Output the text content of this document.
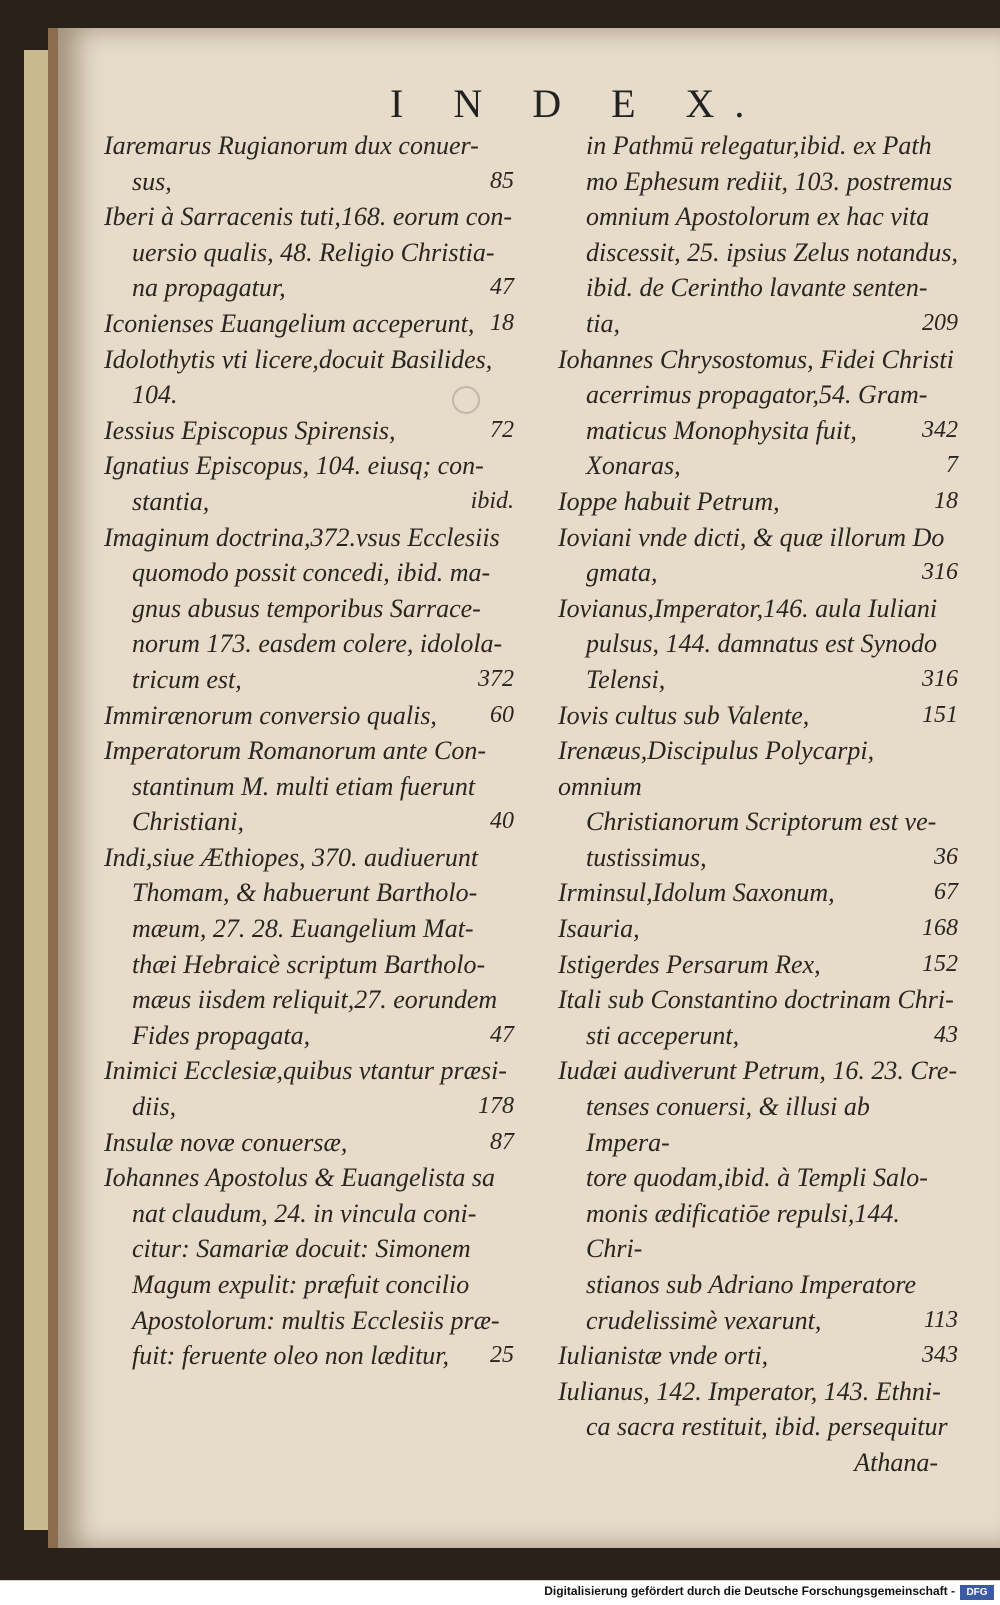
I N D E X.
Iaremarus Rugianorum dux conuer-
sus,	85
Iberi à Sarracenis tuti,168. eorum con-
uersio qualis, 48. Religio Christia-
na propagatur,	47
Iconienses Euangelium acceperunt, 18
Idolothytis vti licere,docuit Basilides,
104.
Iessius Episcopus Spirensis,	72
Ignatius Episcopus, 104. eiusq; con-
stantia,	ibid.
Imaginum doctrina,372.vsus Ecclesiis
quomodo possit concedi, ibid. ma-
gnus abusus temporibus Sarrace-
norum 173. easdem colere, idolola-
tricum est,	372
Immirænorum conversio qualis,	60
Imperatorum Romanorum ante Con-
stantinum M. multi etiam fuerunt
Christiani,	40
Indi,siue Æthiopes, 370. audiuerunt
Thomam, & habuerunt Bartholo-
mæum, 27. 28. Euangelium Mat-
thæi Hebraicè scriptum Bartholo-
mæus iisdem reliquit,27. eorundem
Fides propagata,	47
Inimici Ecclesiæ,quibus vtantur præsi-
diis,	178
Insulæ novæ conuersæ,	87
Iohannes Apostolus & Euangelista sa
nat claudum, 24. in vincula coni-
citur: Samariæ docuit: Simonem
Magum expulit: præfuit concilio
Apostolorum: multis Ecclesiis præ-
fuit: feruente oleo non læditur,	25
in Pathmū relegatur,ibid. ex Path
mo Ephesum rediit, 103. postremus
omnium Apostolorum ex hac vita
discessit, 25. ipsius Zelus notandus,
ibid. de Cerintho lavante senten-
tia,	209
Iohannes Chrysostomus, Fidei Christi
acerrimus propagator,54. Gram-
maticus Monophysita fuit,	342
Xonaras,	7
Ioppe habuit Petrum,	18
Ioviani vnde dicti, & quæ illorum Do
gmata,	316
Iovianus,Imperator,146. aula Iuliani
pulsus, 144. damnatus est Synodo
Telensi,	316
Iovis cultus sub Valente,	151
Irenæus,Discipulus Polycarpi, omnium
Christianorum Scriptorum est ve-
tustissimus,	36
Irminsul,Idolum Saxonum,	67
Isauria,	168
Istigerdes Persarum Rex,	152
Itali sub Constantino doctrinam Chri-
sti acceperunt,	43
Iudæi audiverunt Petrum, 16. 23. Cre-
tenses conuersi, & illusi ab Impera-
tore quodam,ibid. à Templi Salo-
monis ædificatiōe repulsi,144. Chri-
stianos sub Adriano Imperatore
crudelissimè vexarunt,	113
Iulianistæ vnde orti,	343
Iulianus, 142. Imperator, 143. Ethni-
ca sacra restituit, ibid. persequitur
Athana-
Digitalisierung gefördert durch die Deutsche Forschungsgemeinschaft -	DFG
